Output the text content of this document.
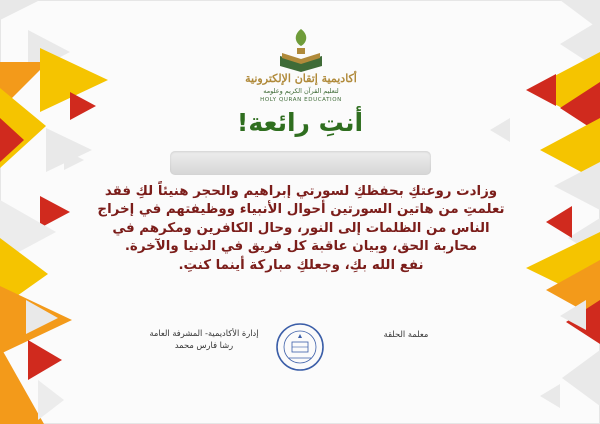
أكاديمية إتقان الإلكترونية
لتعليم القرآن الكريم وعلومه
HOLY QURAN EDUCATION
أنتِ رائعة!
وزادت روعتكِ بحفظكِ لسورتي إبراهيم والحجر هنيئاً لكِ فقد
تعلمتِ من هاتين السورتين أحوال الأنبياء ووظيفتهم في إخراج
الناس من الظلمات إلى النور، وحال الكافرين ومكرهم في
محاربة الحق، وبيان عاقبة كل فريق في الدنيا والآخرة.
نفع الله بكِ، وجعلكِ مباركة أينما كنتِ.
إدارة الأكاديمية- المشرفة العامة
رشا فارس محمد
معلمة الحلقة
